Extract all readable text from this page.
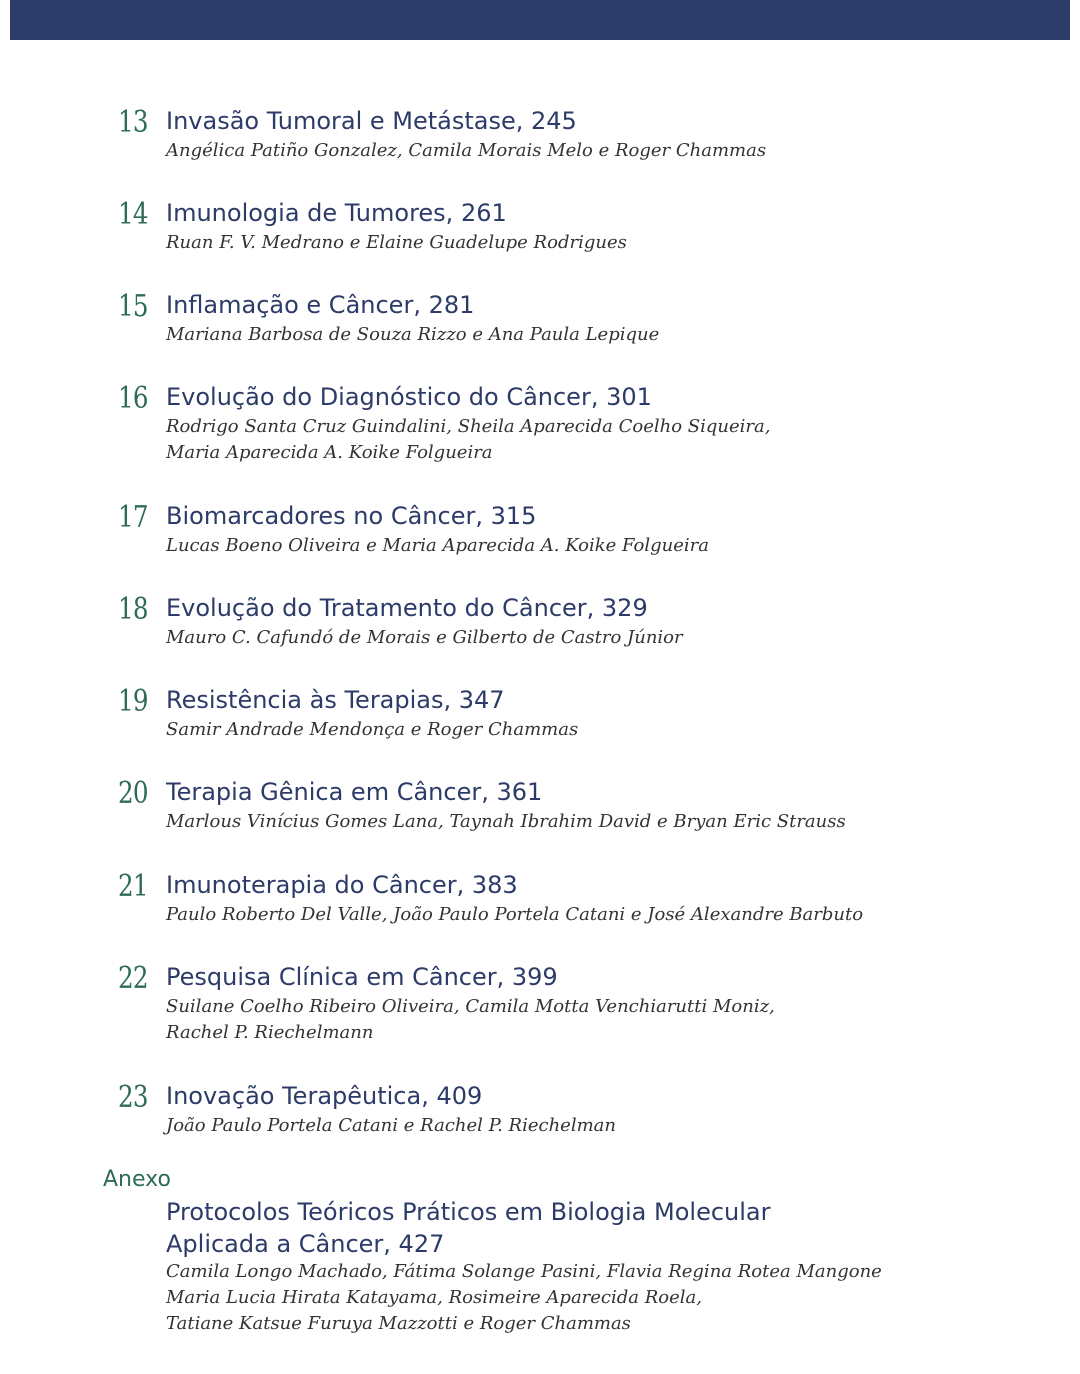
13 Invasão Tumoral e Metástase, 245
Angélica Patiño Gonzalez, Camila Morais Melo e Roger Chammas
14 Imunologia de Tumores, 261
Ruan F. V. Medrano e Elaine Guadelupe Rodrigues
15 Inflamação e Câncer, 281
Mariana Barbosa de Souza Rizzo e Ana Paula Lepique
16 Evolução do Diagnóstico do Câncer, 301
Rodrigo Santa Cruz Guindalini, Sheila Aparecida Coelho Siqueira,
Maria Aparecida A. Koike Folgueira
17 Biomarcadores no Câncer, 315
Lucas Boeno Oliveira e Maria Aparecida A. Koike Folgueira
18 Evolução do Tratamento do Câncer, 329
Mauro C. Cafundó de Morais e Gilberto de Castro Júnior
19 Resistência às Terapias, 347
Samir Andrade Mendonça e Roger Chammas
20 Terapia Gênica em Câncer, 361
Marlous Vinícius Gomes Lana, Taynah Ibrahim David e Bryan Eric Strauss
21 Imunoterapia do Câncer, 383
Paulo Roberto Del Valle, João Paulo Portela Catani e José Alexandre Barbuto
22 Pesquisa Clínica em Câncer, 399
Suilane Coelho Ribeiro Oliveira, Camila Motta Venchiarutti Moniz,
Rachel P. Riechelmann
23 Inovação Terapêutica, 409
João Paulo Portela Catani e Rachel P. Riechelman
Anexo
Protocolos Teóricos Práticos em Biologia Molecular
Aplicada a Câncer, 427
Camila Longo Machado, Fátima Solange Pasini, Flavia Regina Rotea Mangone
Maria Lucia Hirata Katayama, Rosimeire Aparecida Roela,
Tatiane Katsue Furuya Mazzotti e Roger Chammas
